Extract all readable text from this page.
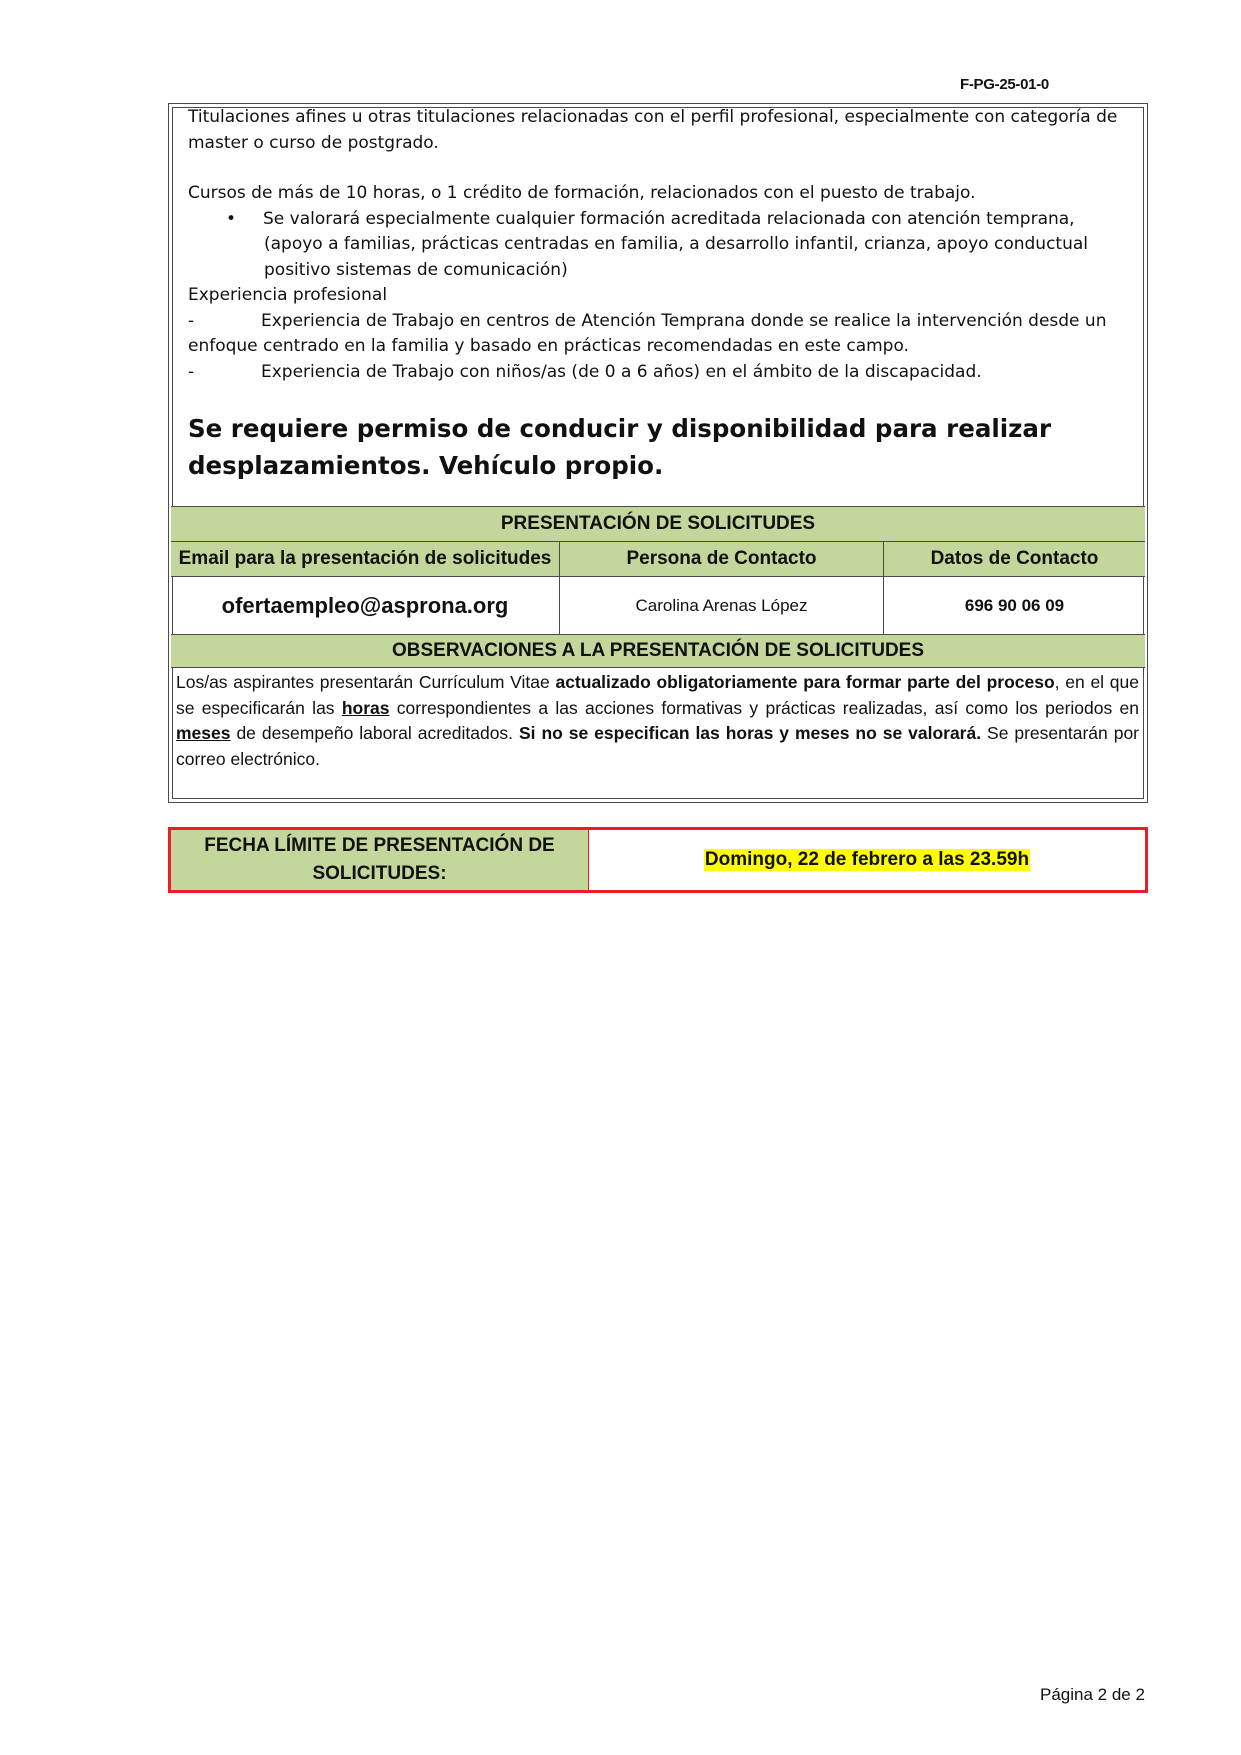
F-PG-25-01-0

Titulaciones afines u otras titulaciones relacionadas con el perfil profesional, especialmente con categoría de

master o curso de postgrado.

Cursos de más de 10 horas, o 1 crédito de formación, relacionados con el puesto de trabajo.

• Se valorará especialmente cualquier formación acreditada relacionada con atención temprana,

(apoyo a familias, prácticas centradas en familia, a desarrollo infantil, crianza, apoyo conductual

positivo sistemas de comunicación)

Experiencia profesional

-	Experiencia de Trabajo en centros de Atención Temprana donde se realice la intervención desde un

enfoque centrado en la familia y basado en prácticas recomendadas en este campo.

-	Experiencia de Trabajo con niños/as (de 0 a 6 años) en el ámbito de la discapacidad.

Se requiere permiso de conducir y disponibilidad para realizar
desplazamientos. Vehículo propio.
PRESENTACIÓN DE SOLICITUDES
Email para la presentación de solicitudes	Persona de Contacto	Datos de Contacto
ofertaempleo@asprona.org	Carolina Arenas López	696 90 06 09
OBSERVACIONES A LA PRESENTACIÓN DE SOLICITUDES
Los/as aspirantes presentarán Currículum Vitae actualizado obligatoriamente para formar parte del proceso, en el que se especificarán las horas correspondientes a las acciones formativas y prácticas realizadas, así como los periodos en meses de desempeño laboral acreditados. Si no se especifican las horas y meses no se valorará. Se presentarán por correo electrónico.
FECHA LÍMITE DE PRESENTACIÓN DE
SOLICITUDES:
Domingo, 22 de febrero a las 23.59h
Página 2 de 2
